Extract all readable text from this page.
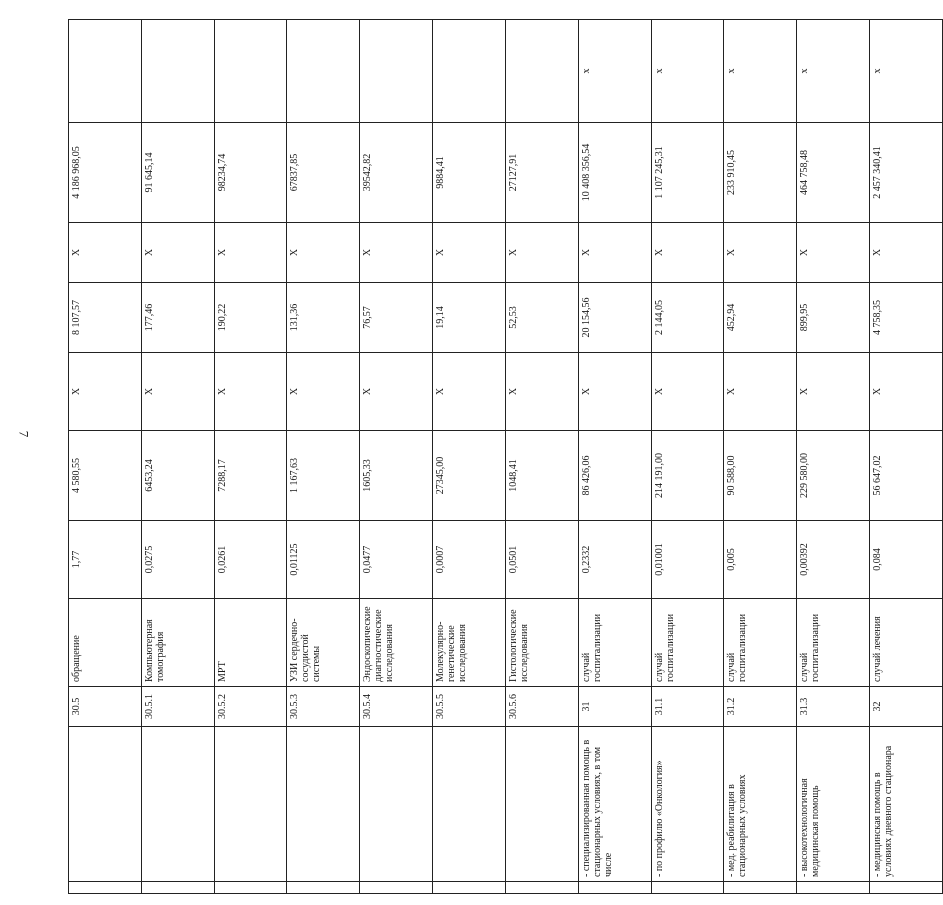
7
		30.5	обращение	1,77	4 580,55	X	8 107,57	X	4 186 968,05	
		30.5.1	Компьютерная томография	0,0275	6453,24	X	177,46	X	91 645,14	
		30.5.2	МРТ	0,0261	7288,17	X	190,22	X	98234,74	
		30.5.3	УЗИ сердечно-сосудистой системы	0,01125	1 167,63	X	131,36	X	67837,85	
		30.5.4	Эндоскопические диагностические исследования	0,0477	1605,33	X	76,57	X	39542,82	
		30.5.5	Молекулярно-генетические исследования	0,0007	27345,00	X	19,14	X	9884,41	
		30.5.6	Гистологические исследования	0,0501	1048,41	X	52,53	X	27127,91	
	- специализированная помощь в стационарных условиях, в том числе	31	случай госпитализации	0,2332	86 426,06	X	20 154,56	X	10 408 356,54	x
	- по профилю «Онкология»	31.1	случай госпитализации	0,01001	214 191,00	X	2 144,05	X	1 107 245,31	x
	- мед. реабилитация в стационарных условиях	31.2	случай госпитализации	0,005	90 588,00	X	452,94	X	233 910,45	x
	- высокотехнологичная медицинская помощь	31.3	случай госпитализации	0,00392	229 580,00	X	899,95	X	464 758,48	x
	- медицинская помощь в условиях дневного стационара	32	случай лечения	0,084	56 647,02	X	4 758,35	X	2 457 340,41	x
